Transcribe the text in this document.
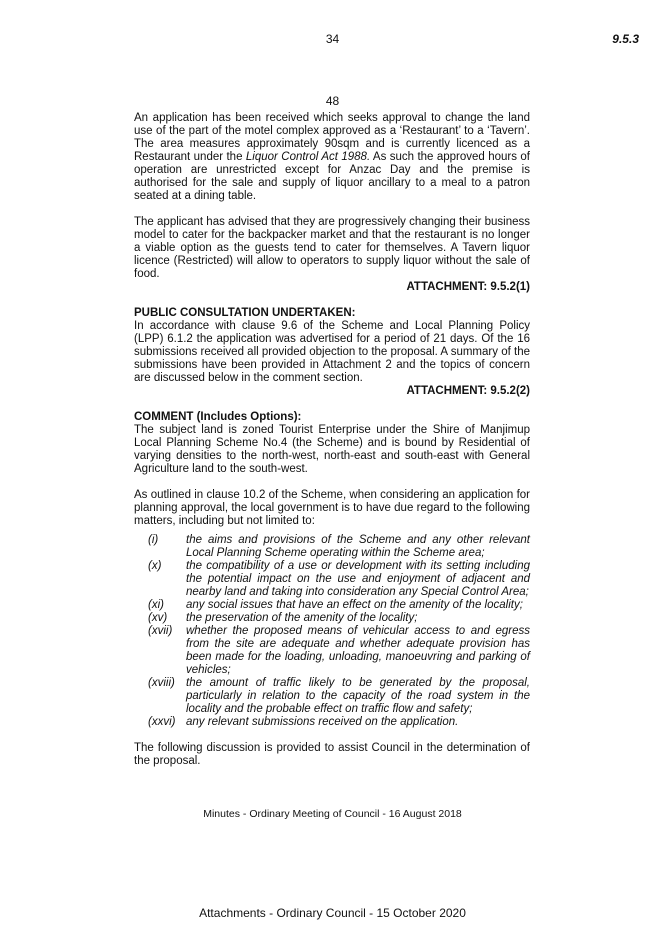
34	9.5.3
48

An application has been received which seeks approval to change the land use of the part of the motel complex approved as a ‘Restaurant’ to a ‘Tavern’. The area measures approximately 90sqm and is currently licenced as a Restaurant under the Liquor Control Act 1988. As such the approved hours of operation are unrestricted except for Anzac Day and the premise is authorised for the sale and supply of liquor ancillary to a meal to a patron seated at a dining table.

The applicant has advised that they are progressively changing their business model to cater for the backpacker market and that the restaurant is no longer a viable option as the guests tend to cater for themselves. A Tavern liquor licence (Restricted) will allow to operators to supply liquor without the sale of food.

ATTACHMENT: 9.5.2(1)
PUBLIC CONSULTATION UNDERTAKEN:

In accordance with clause 9.6 of the Scheme and Local Planning Policy (LPP) 6.1.2 the application was advertised for a period of 21 days. Of the 16 submissions received all provided objection to the proposal. A summary of the submissions have been provided in Attachment 2 and the topics of concern are discussed below in the comment section.

ATTACHMENT: 9.5.2(2)
COMMENT (Includes Options):

The subject land is zoned Tourist Enterprise under the Shire of Manjimup Local Planning Scheme No.4 (the Scheme) and is bound by Residential of varying densities to the north-west, north-east and south-east with General Agriculture land to the south-west.

As outlined in clause 10.2 of the Scheme, when considering an application for planning approval, the local government is to have due regard to the following matters, including but not limited to:

(i)	the aims and provisions of the Scheme and any other relevant Local Planning Scheme operating within the Scheme area;
(x)	the compatibility of a use or development with its setting including the potential impact on the use and enjoyment of adjacent and nearby land and taking into consideration any Special Control Area;
(xi)	any social issues that have an effect on the amenity of the locality;
(xv)	the preservation of the amenity of the locality;
(xvii)	whether the proposed means of vehicular access to and egress from the site are adequate and whether adequate provision has been made for the loading, unloading, manoeuvring and parking of vehicles;
(xviii) the amount of traffic likely to be generated by the proposal, particularly in relation to the capacity of the road system in the locality and the probable effect on traffic flow and safety;
(xxvi) any relevant submissions received on the application.

The following discussion is provided to assist Council in the determination of the proposal.

Minutes - Ordinary Meeting of Council - 16 August 2018
Attachments - Ordinary Council - 15 October 2020
